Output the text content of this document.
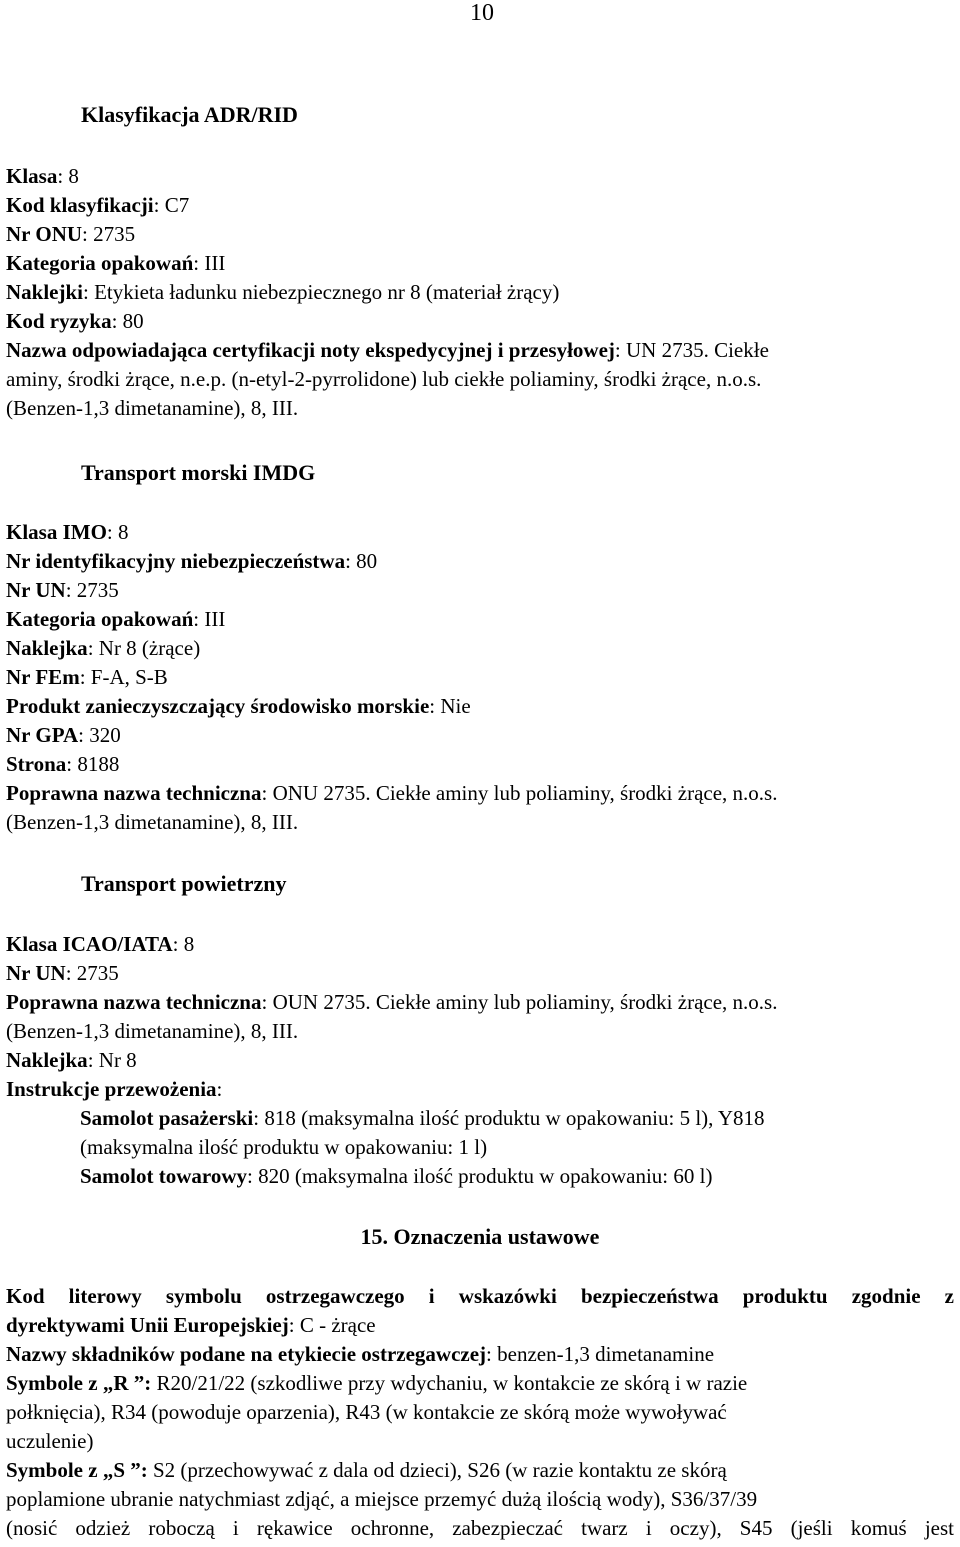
10
Klasyfikacja ADR/RID
Klasa: 8
Kod klasyfikacji: C7
Nr ONU: 2735
Kategoria opakowań: III
Naklejki: Etykieta ładunku niebezpiecznego nr 8 (materiał żrący)
Kod ryzyka: 80
Nazwa odpowiadająca certyfikacji noty ekspedycyjnej i przesyłowej: UN 2735. Ciekłe
aminy, środki żrące, n.e.p. (n-etyl-2-pyrrolidone) lub ciekłe poliaminy, środki żrące, n.o.s.
(Benzen-1,3 dimetanamine), 8, III.
Transport morski IMDG
Klasa IMO: 8
Nr identyfikacyjny niebezpieczeństwa: 80
Nr UN: 2735
Kategoria opakowań: III
Naklejka: Nr 8 (żrące)
Nr FEm: F-A, S-B
Produkt zanieczyszczający środowisko morskie: Nie
Nr GPA: 320
Strona: 8188
Poprawna nazwa techniczna: ONU 2735. Ciekłe aminy lub poliaminy, środki żrące, n.o.s.
(Benzen-1,3 dimetanamine), 8, III.
Transport powietrzny
Klasa ICAO/IATA: 8
Nr UN: 2735
Poprawna nazwa techniczna: OUN 2735. Ciekłe aminy lub poliaminy, środki żrące, n.o.s.
(Benzen-1,3 dimetanamine), 8, III.
Naklejka: Nr 8
Instrukcje przewożenia:
Samolot pasażerski: 818 (maksymalna ilość produktu w opakowaniu: 5 l), Y818
(maksymalna ilość produktu w opakowaniu: 1 l)
Samolot towarowy: 820 (maksymalna ilość produktu w opakowaniu: 60 l)
15. Oznaczenia ustawowe
Kod literowy symbolu ostrzegawczego i wskazówki bezpieczeństwa produktu zgodnie z
dyrektywami Unii Europejskiej: C - żrące
Nazwy składników podane na etykiecie ostrzegawczej: benzen-1,3 dimetanamine
Symbole z „R ”: R20/21/22 (szkodliwe przy wdychaniu, w kontakcie ze skórą i w razie
połknięcia), R34 (powoduje oparzenia), R43 (w kontakcie ze skórą może wywoływać
uczulenie)
Symbole z „S ”: S2 (przechowywać z dala od dzieci), S26 (w razie kontaktu ze skórą
poplamione ubranie natychmiast zdjąć, a miejsce przemyć dużą ilością wody), S36/37/39
(nosić odzież roboczą i rękawice ochronne, zabezpieczać twarz i oczy), S45 (jeśli komuś jest
